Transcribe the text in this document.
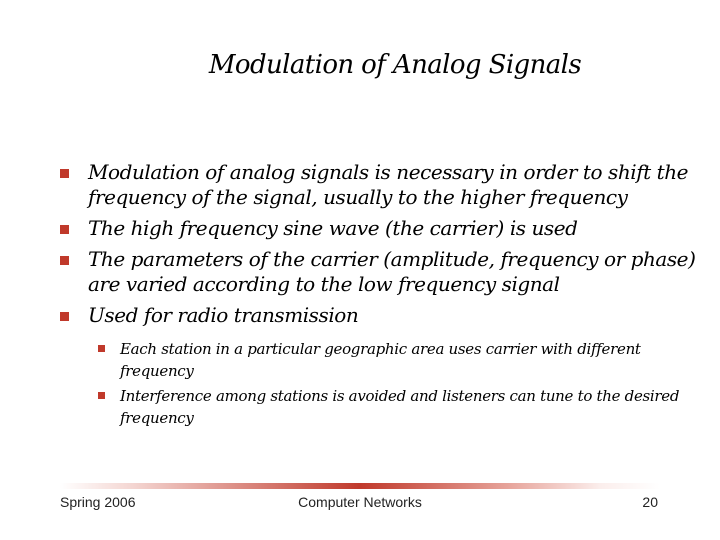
Modulation of Analog Signals
Modulation of analog signals is necessary in order to shift the frequency of the signal, usually to the higher frequency
The high frequency sine wave (the carrier) is used
The parameters of the carrier (amplitude, frequency or phase) are varied according to the low frequency signal
Used for radio transmission
Each station in a particular geographic area uses carrier with different frequency
Interference among stations is avoided and listeners can tune to the desired frequency
Spring 2006	Computer Networks	20
